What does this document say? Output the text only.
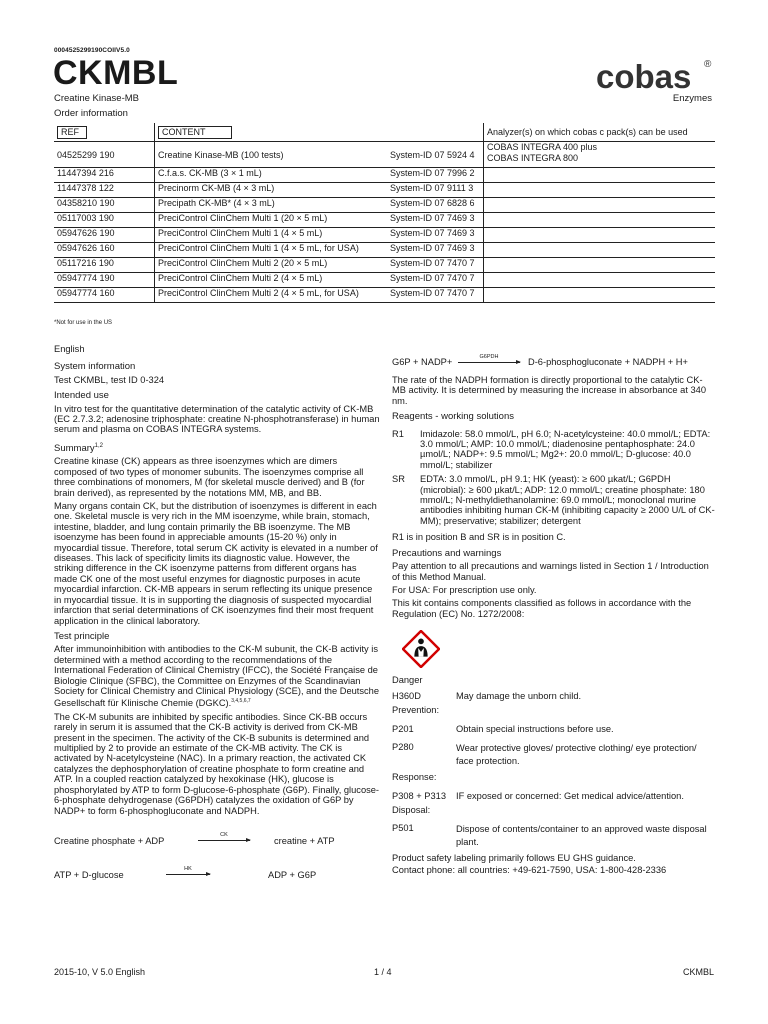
0004525299190COIIV5.0
CKMBL
Creatine Kinase-MB
Order information
cobas ®
Enzymes
REF	CONTENT		Analyzer(s) on which cobas c pack(s) can be used
04525299 190	Creatine Kinase-MB (100 tests)	System-ID 07 5924 4	COBAS INTEGRA 400 plus
COBAS INTEGRA 800

11447394 216	C.f.a.s. CK-MB (3 × 1 mL)	System-ID 07 7996 2	
11447378 122	Precinorm CK-MB (4 × 3 mL)	System-ID 07 9111 3	
04358210 190	Precipath CK-MB* (4 × 3 mL)	System-ID 07 6828 6	
05117003 190	PreciControl ClinChem Multi 1 (20 × 5 mL)	System-ID 07 7469 3	
05947626 190	PreciControl ClinChem Multi 1 (4 × 5 mL)	System-ID 07 7469 3	
05947626 160	PreciControl ClinChem Multi 1 (4 × 5 mL, for USA)	System-ID 07 7469 3	
05117216 190	PreciControl ClinChem Multi 2 (20 × 5 mL)	System-ID 07 7470 7	
05947774 190	PreciControl ClinChem Multi 2 (4 × 5 mL)	System-ID 07 7470 7	
05947774 160	PreciControl ClinChem Multi 2 (4 × 5 mL, for USA)	System-ID 07 7470 7	
*Not for use in the US

English

System information

Test CKMBL, test ID 0-324

Intended use

In vitro test for the quantitative determination of the catalytic activity of CK-MB (EC 2.7.3.2; adenosine triphosphate: creatine N-phosphotransferase) in human serum and plasma on COBAS INTEGRA systems.

Summary$^{1,2}$

Creatine kinase (CK) appears as three isoenzymes which are dimers composed of two types of monomer subunits. The isoenzymes comprise all three combinations of monomers, M (for skeletal muscle derived) and B (for brain derived), as represented by the notations MM, MB, and BB.

Many organs contain CK, but the distribution of isoenzymes is different in each one. Skeletal muscle is very rich in the MM isoenzyme, while brain, stomach, intestine, bladder, and lung contain primarily the BB isoenzyme. The MB isoenzyme has been found in appreciable amounts (15-20 %) only in myocardial tissue. Therefore, total serum CK activity is elevated in a number of diseases. This lack of specificity limits its diagnostic value. However, the striking difference in the CK isoenzyme patterns from different organs has made CK one of the most useful enzymes for diagnostic purposes in acute myocardial infarction. CK-MB appears in serum reflecting its unique presence in myocardial tissue. It is in supporting the diagnosis of suspected myocardial infarction that serial determinations of CK isoenzymes find their most frequent application in the clinical laboratory.

Test principle

After immunoinhibition with antibodies to the CK-M subunit, the CK-B activity is determined with a method according to the recommendations of the International Federation of Clinical Chemistry (IFCC), the Société Française de Biologie Clinique (SFBC), the Committee on Enzymes of the Scandinavian Society for Clinical Chemistry and Clinical Physiology (SCE), and the Deutsche Gesellschaft für Klinische Chemie (DGKC).$^{3,4,5,6,7}$

The CK-M subunits are inhibited by specific antibodies. Since CK-BB occurs rarely in serum it is assumed that the CK-B activity is derived from CK-MB present in the specimen. The activity of the CK-B subunits is determined and multiplied by 2 to provide an estimate of the CK-MB activity. The CK is activated by N-acetylcysteine (NAC). In a primary reaction, the activated CK catalyzes the dephosphorylation of creatine phosphate to form creatine and ATP. In a coupled reaction catalyzed by hexokinase (HK), glucose is phosphorylated by ATP to form D-glucose-6-phosphate (G6P). Finally, glucose-6-phosphate dehydrogenase (G6PDH) catalyzes the oxidation of G6P by NADP+ to form 6-phosphogluconate and NADPH.

Creatine phosphate + ADP
CK
creatine + ATP
ATP + D-glucose
HK
ADP + G6P
G6P + NADP+
G6PDH
D-6-phosphogluconate + NADPH + H+

The rate of the NADPH formation is directly proportional to the catalytic CK-MB activity. It is determined by measuring the increase in absorbance at 340 nm.

Reagents - working solutions
R1	Imidazole: 58.0 mmol/L, pH 6.0; N-acetylcysteine: 40.0 mmol/L; EDTA: 3.0 mmol/L; AMP: 10.0 mmol/L; diadenosine pentaphosphate: 24.0 µmol/L; NADP+: 9.5 mmol/L; Mg2+: 20.0 mmol/L; D-glucose: 40.0 mmol/L; stabilizer
SR	EDTA: 3.0 mmol/L, pH 9.1; HK (yeast): ≥ 600 µkat/L; G6PDH (microbial): ≥ 600 µkat/L; ADP: 12.0 mmol/L; creatine phosphate: 180 mmol/L; N-methyldiethanolamine: 69.0 mmol/L; monoclonal murine antibodies inhibiting human CK-M (inhibiting capacity ≥ 2000 U/L of CK-MM); preservative; stabilizer; detergent

R1 is in position B and SR is in position C.

Precautions and warnings

Pay attention to all precautions and warnings listed in Section 1 / Introduction of this Method Manual.

For USA: For prescription use only.

This kit contains components classified as follows in accordance with the Regulation (EC) No. 1272/2008:

Danger

H360D	May damage the unborn child.

Prevention:

P201	Obtain special instructions before use.
P280	Wear protective gloves/ protective clothing/ eye protection/ face protection.

Response:

P308 + P313	IF exposed or concerned: Get medical advice/attention.

Disposal:

P501	Dispose of contents/container to an approved waste disposal plant.

Product safety labeling primarily follows EU GHS guidance.

Contact phone: all countries: +49-621-7590, USA: 1-800-428-2336

2015-10, V 5.0 English	1 / 4	CKMBL
